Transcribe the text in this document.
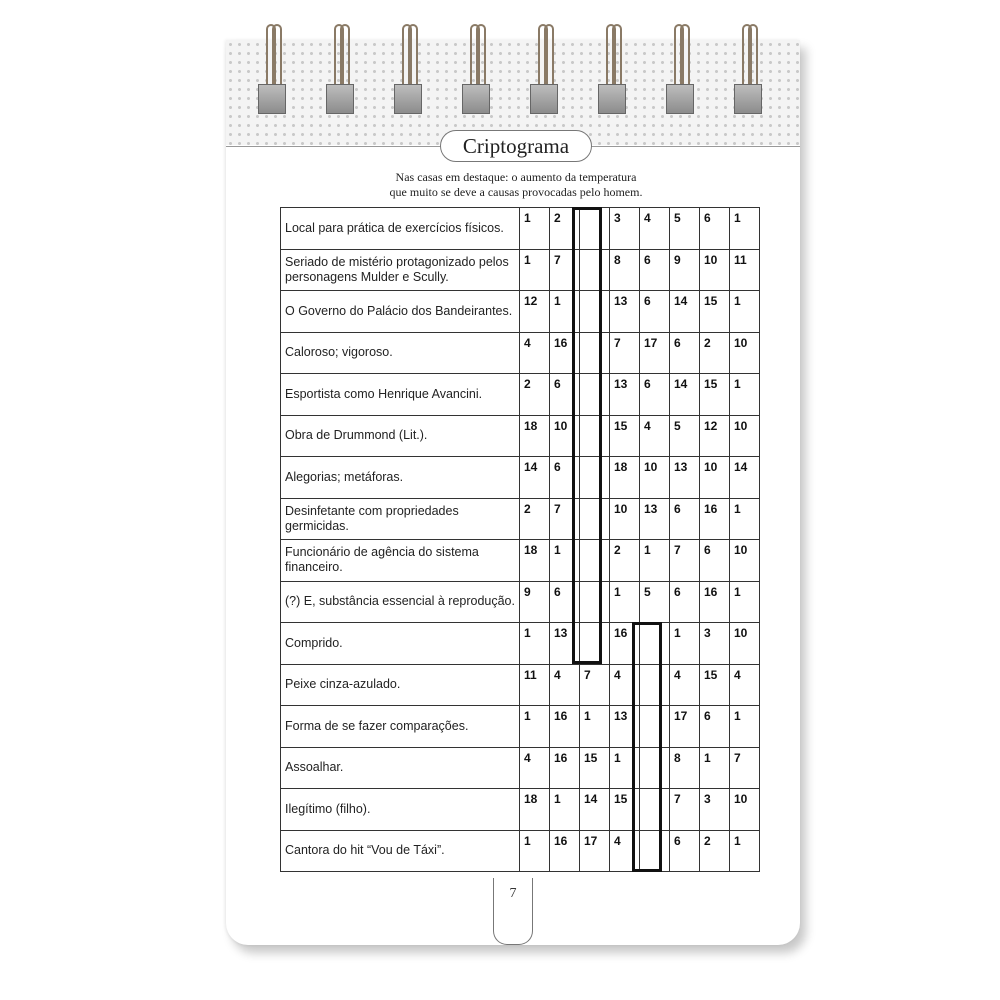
Criptograma
Nas casas em destaque: o aumento da temperatura
que muito se deve a causas provocadas pelo homem.
Local para prática de exercícios físicos.	1	2		3	4	5	6	1

Seriado de mistério protagonizado pelos personagens Mulder e Scully.	1	7		8	6	9	10	11

O Governo do Palácio dos Bandeirantes.	12	1		13	6	14	15	1

Caloroso; vigoroso.	4	16		7	17	6	2	10

Esportista como Henrique Avancini.	2	6		13	6	14	15	1

Obra de Drummond (Lit.).	18	10		15	4	5	12	10

Alegorias; metáforas.	14	6		18	10	13	10	14

Desinfetante com propriedades germicidas.	2	7		10	13	6	16	1

Funcionário de agência do sistema financeiro.	18	1		2	1	7	6	10

(?) E, substância essencial à reprodução.	9	6		1	5	6	16	1

Comprido.	1	13		16		1	3	10

Peixe cinza-azulado.	11	4	7	4		4	15	4

Forma de se fazer comparações.	1	16	1	13		17	6	1

Assoalhar.	4	16	15	1		8	1	7

Ilegítimo (filho).	18	1	14	15		7	3	10

Cantora do hit “Vou de Táxi”.	1	16	17	4		6	2	1
7
